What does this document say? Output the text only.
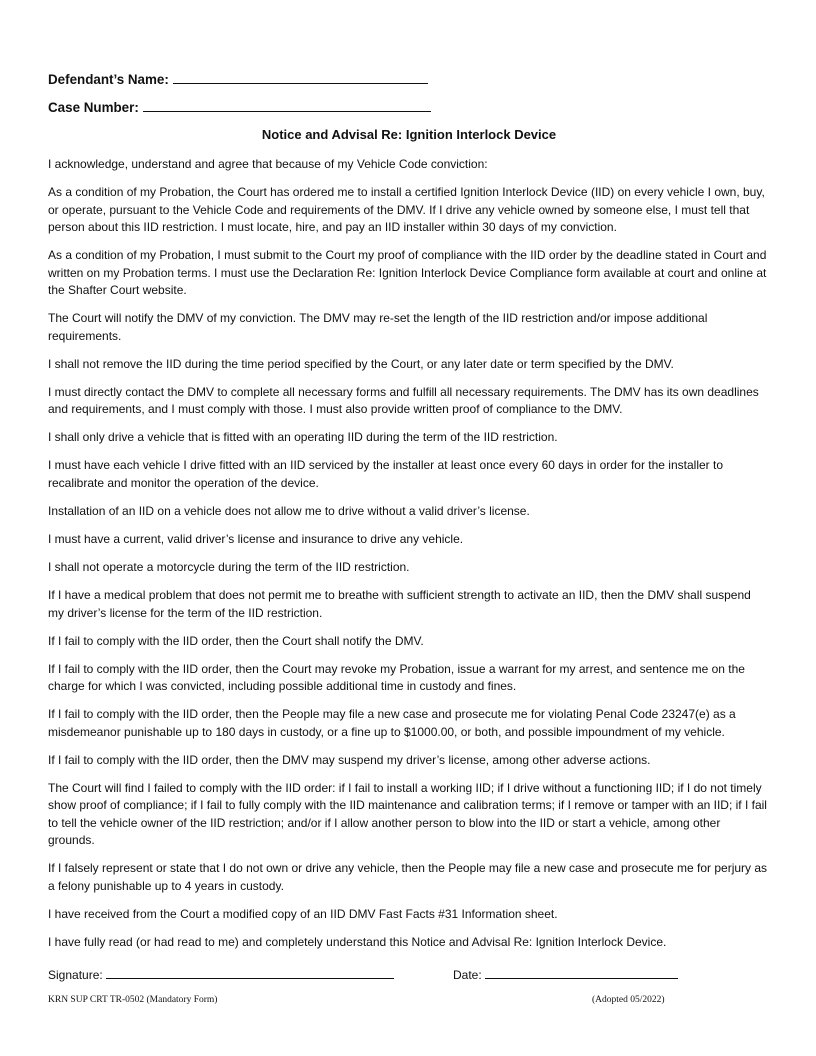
Defendant’s Name:
Case Number:
Notice and Advisal Re: Ignition Interlock Device

I acknowledge, understand and agree that because of my Vehicle Code conviction:

As a condition of my Probation, the Court has ordered me to install a certified Ignition Interlock Device (IID) on every vehicle I own, buy, or operate, pursuant to the Vehicle Code and requirements of the DMV. If I drive any vehicle owned by someone else, I must tell that person about this IID restriction. I must locate, hire, and pay an IID installer within 30 days of my conviction.

As a condition of my Probation, I must submit to the Court my proof of compliance with the IID order by the deadline stated in Court and written on my Probation terms. I must use the Declaration Re: Ignition Interlock Device Compliance form available at court and online at the Shafter Court website.

The Court will notify the DMV of my conviction. The DMV may re-set the length of the IID restriction and/or impose additional requirements.

I shall not remove the IID during the time period specified by the Court, or any later date or term specified by the DMV.

I must directly contact the DMV to complete all necessary forms and fulfill all necessary requirements. The DMV has its own deadlines and requirements, and I must comply with those. I must also provide written proof of compliance to the DMV.

I shall only drive a vehicle that is fitted with an operating IID during the term of the IID restriction.

I must have each vehicle I drive fitted with an IID serviced by the installer at least once every 60 days in order for the installer to recalibrate and monitor the operation of the device.

Installation of an IID on a vehicle does not allow me to drive without a valid driver’s license.

I must have a current, valid driver’s license and insurance to drive any vehicle.

I shall not operate a motorcycle during the term of the IID restriction.

If I have a medical problem that does not permit me to breathe with sufficient strength to activate an IID, then the DMV shall suspend my driver’s license for the term of the IID restriction.

If I fail to comply with the IID order, then the Court shall notify the DMV.

If I fail to comply with the IID order, then the Court may revoke my Probation, issue a warrant for my arrest, and sentence me on the charge for which I was convicted, including possible additional time in custody and fines.

If I fail to comply with the IID order, then the People may file a new case and prosecute me for violating Penal Code 23247(e) as a misdemeanor punishable up to 180 days in custody, or a fine up to $1000.00, or both, and possible impoundment of my vehicle.

If I fail to comply with the IID order, then the DMV may suspend my driver’s license, among other adverse actions.

The Court will find I failed to comply with the IID order: if I fail to install a working IID; if I drive without a functioning IID; if I do not timely show proof of compliance; if I fail to fully comply with the IID maintenance and calibration terms; if I remove or tamper with an IID; if I fail to tell the vehicle owner of the IID restriction; and/or if I allow another person to blow into the IID or start a vehicle, among other grounds.

If I falsely represent or state that I do not own or drive any vehicle, then the People may file a new case and prosecute me for perjury as a felony punishable up to 4 years in custody.

I have received from the Court a modified copy of an IID DMV Fast Facts #31 Information sheet.

I have fully read (or had read to me) and completely understand this Notice and Advisal Re: Ignition Interlock Device.

Signature:	Date:
KRN SUP CRT TR-0502 (Mandatory Form)	(Adopted 05/2022)
